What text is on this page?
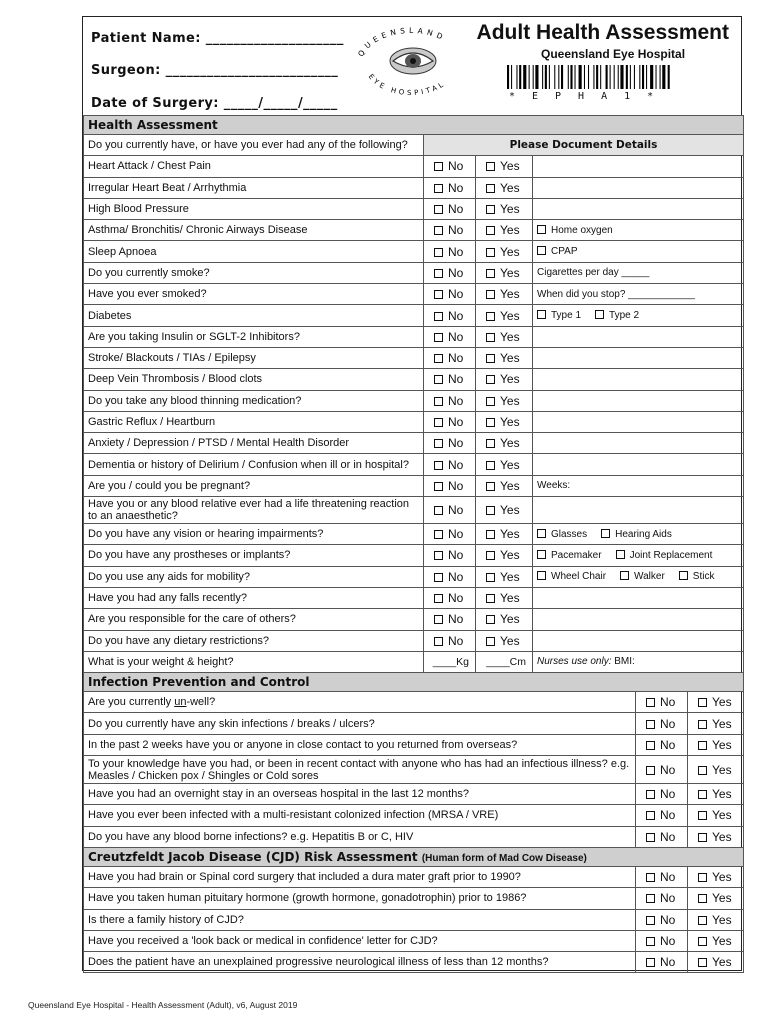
Patient Name: ____________________
Surgeon: _________________________
Date of Surgery: _____/_____/_____
QUEENSLAND
EYE HOSPITAL
Adult Health Assessment
Queensland Eye Hospital
*EPHA1*
Health Assessment					
Do you currently have, or have you ever had any of the following?	Please Document Details				
Heart Attack / Chest Pain	No	Yes			
Irregular Heart Beat / Arrhythmia	No	Yes			
High Blood Pressure	No	Yes			
Asthma/ Bronchitis/ Chronic Airways Disease	No	Yes	Home oxygen		
Sleep Apnoea	No	Yes	CPAP		
Do you currently smoke?	No	Yes	Cigarettes per day _____		
Have you ever smoked?	No	Yes	When did you stop? ____________		
Diabetes	No	Yes	Type 1 Type 2		
Are you taking Insulin or SGLT-2 Inhibitors?	No	Yes			
Stroke/ Blackouts / TIAs / Epilepsy	No	Yes			
Deep Vein Thrombosis / Blood clots	No	Yes			
Do you take any blood thinning medication?	No	Yes			
Gastric Reflux / Heartburn	No	Yes			
Anxiety / Depression / PTSD / Mental Health Disorder	No	Yes			
Dementia or history of Delirium / Confusion when ill or in hospital?	No	Yes			
Are you / could you be pregnant?	No	Yes	Weeks:		
Have you or any blood relative ever had a life threatening reaction to an anaesthetic?	No	Yes			
Do you have any vision or hearing impairments?	No	Yes	Glasses Hearing Aids		
Do you have any prostheses or implants?	No	Yes	Pacemaker Joint Replacement		
Do you use any aids for mobility?	No	Yes	Wheel Chair Walker Stick		
Have you had any falls recently?	No	Yes			
Are you responsible for the care of others?	No	Yes			
Do you have any dietary restrictions?	No	Yes			
What is your weight & height?	____Kg	____Cm	Nurses use only: BMI:		
Infection Prevention and Control					
Are you currently un-well?				No	Yes
Do you currently have any skin infections / breaks / ulcers?				No	Yes
In the past 2 weeks have you or anyone in close contact to you returned from overseas?				No	Yes
To your knowledge have you had, or been in recent contact with anyone who has had an infectious illness? e.g. Measles / Chicken pox / Shingles or Cold sores				No	Yes
Have you had an overnight stay in an overseas hospital in the last 12 months?				No	Yes
Have you ever been infected with a multi-resistant colonized infection (MRSA / VRE)				No	Yes
Do you have any blood borne infections? e.g. Hepatitis B or C, HIV				No	Yes
Creutzfeldt Jacob Disease (CJD) Risk Assessment (Human form of Mad Cow Disease)					
Have you had brain or Spinal cord surgery that included a dura mater graft prior to 1990?				No	Yes
Have you taken human pituitary hormone (growth hormone, gonadotrophin) prior to 1986?				No	Yes
Is there a family history of CJD?				No	Yes
Have you received a 'look back or medical in confidence' letter for CJD?				No	Yes
Does the patient have an unexplained progressive neurological illness of less than 12 months?				No	Yes
Queensland Eye Hospital - Health Assessment (Adult), v6, August 2019
